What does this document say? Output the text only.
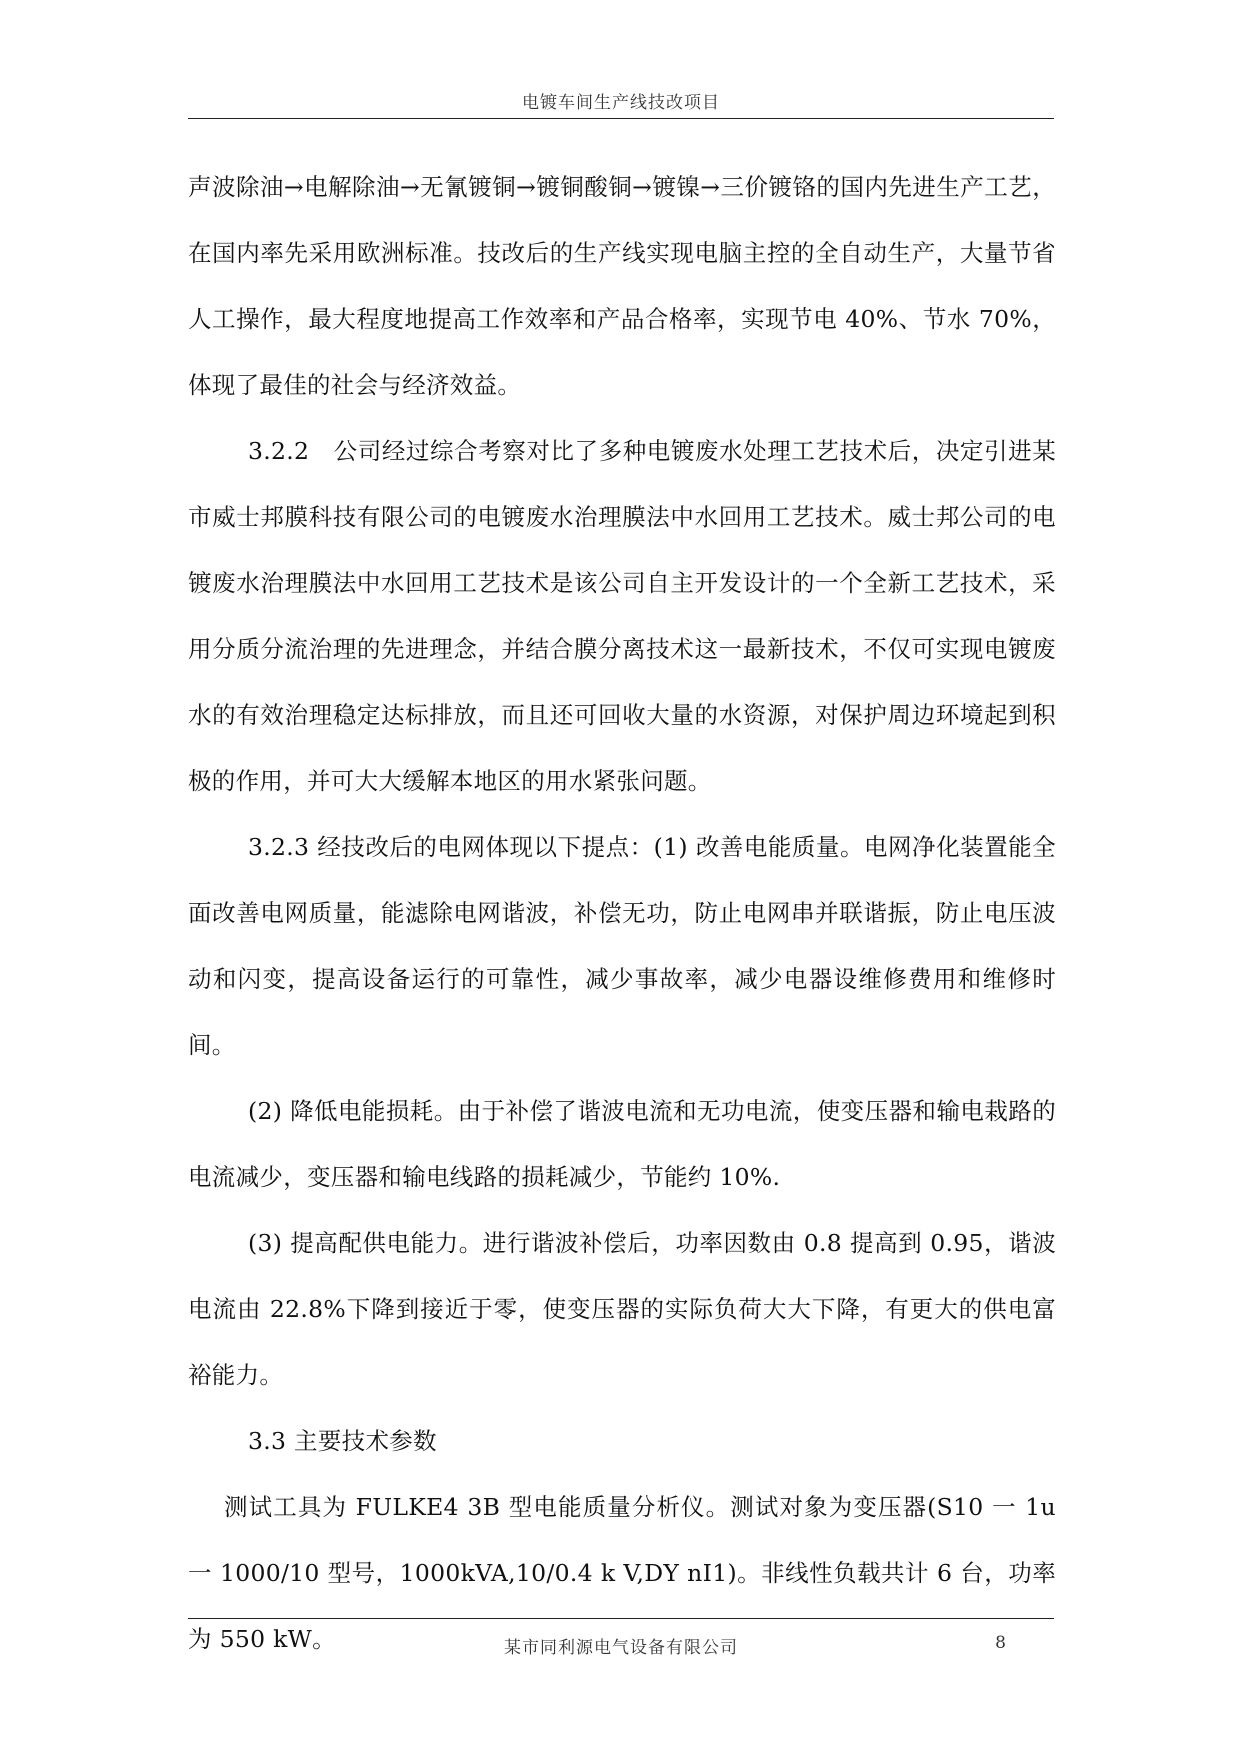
电镀车间生产线技改项目

声波除油→电解除油→无氰镀铜→镀铜酸铜→镀镍→三价镀铬的国内先进生产工艺，在国内率先采用欧洲标准。技改后的生产线实现电脑主控的全自动生产，大量节省人工操作，最大程度地提高工作效率和产品合格率，实现节电 40%、节水 70%，体现了最佳的社会与经济效益。

3.2.2　公司经过综合考察对比了多种电镀废水处理工艺技术后，决定引进某市威士邦膜科技有限公司的电镀废水治理膜法中水回用工艺技术。威士邦公司的电镀废水治理膜法中水回用工艺技术是该公司自主开发设计的一个全新工艺技术，采用分质分流治理的先进理念，并结合膜分离技术这一最新技术，不仅可实现电镀废水的有效治理稳定达标排放，而且还可回收大量的水资源，对保护周边环境起到积极的作用，并可大大缓解本地区的用水紧张问题。

3.2.3 经技改后的电网体现以下提点：(1) 改善电能质量。电网净化装置能全面改善电网质量，能滤除电网谐波，补偿无功，防止电网串并联谐振，防止电压波动和闪变，提高设备运行的可靠性，减少事故率，减少电器设维修费用和维修时间。

(2) 降低电能损耗。由于补偿了谐波电流和无功电流，使变压器和输电栽路的电流减少，变压器和输电线路的损耗减少，节能约 10%.

(3) 提高配供电能力。进行谐波补偿后，功率因数由 0.8 提高到 0.95，谐波电流由 22.8%下降到接近于零，使变压器的实际负荷大大下降，有更大的供电富裕能力。

3.3 主要技术参数

测试工具为 FULKE4 3B 型电能质量分析仪。测试对象为变压器(S10 一 1u 一 1000/10 型号，1000kVA,10/0.4 k V,DY nI1)。非线性负载共计 6 台，功率为 550 kW。	某市同利源电气设备有限公司	8
